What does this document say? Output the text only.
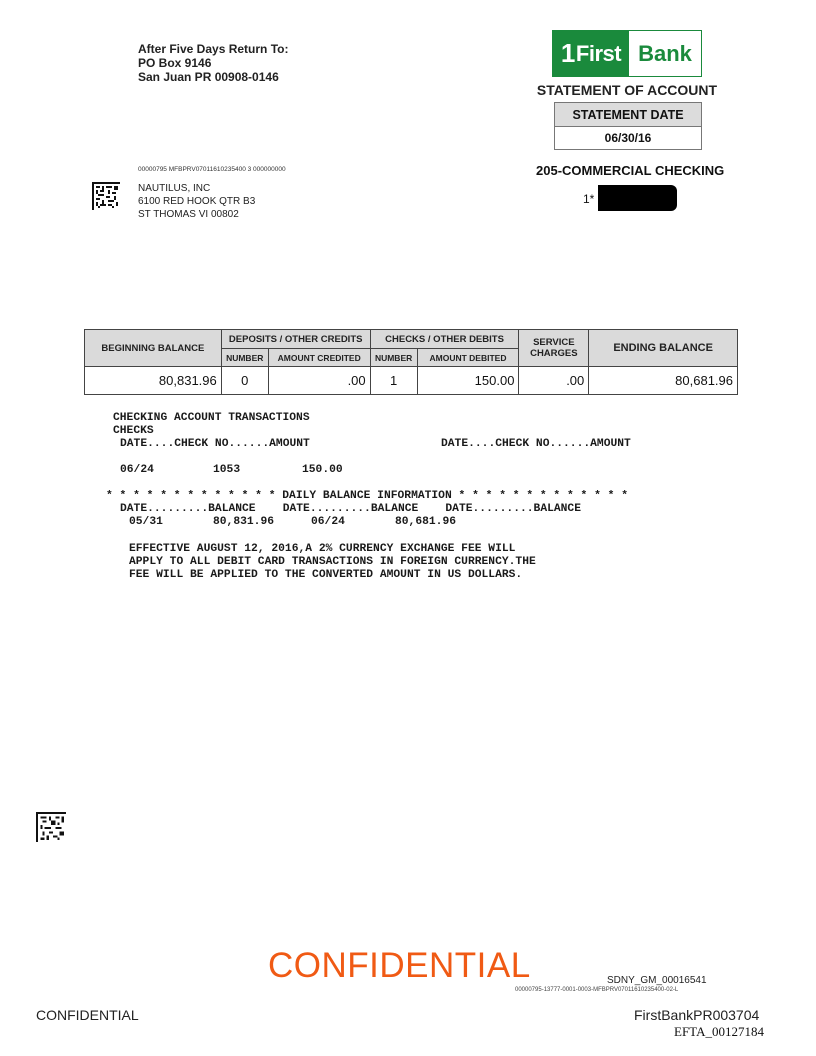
After Five Days Return To:
PO Box 9146
San Juan PR 00908-0146
1 First Bank
STATEMENT OF ACCOUNT
STATEMENT DATE
06/30/16
205-COMMERCIAL CHECKING
1*
00000795 MFBPRV07011610235400 3 000000000
NAUTILUS, INC
6100 RED HOOK QTR B3
ST THOMAS VI 00802
BEGINNING BALANCE	DEPOSITS / OTHER CREDITS		CHECKS / OTHER DEBITS		SERVICE
CHARGES	ENDING BALANCE
	NUMBER	AMOUNT CREDITED	NUMBER	AMOUNT DEBITED		
80,831.96	0	.00	1	150.00	.00	80,681.96
CHECKING ACCOUNT TRANSACTIONS
CHECKS
DATE....CHECK NO......AMOUNT	DATE....CHECK NO......AMOUNT
06/24	1053	150.00
* * * * * * * * * * * * * DAILY BALANCE INFORMATION * * * * * * * * * * * * *
DATE.........BALANCE    DATE.........BALANCE    DATE.........BALANCE
05/31	80,831.96	06/24	80,681.96
EFFECTIVE AUGUST 12, 2016,A 2% CURRENCY EXCHANGE FEE WILL
APPLY TO ALL DEBIT CARD TRANSACTIONS IN FOREIGN CURRENCY.THE
FEE WILL BE APPLIED TO THE CONVERTED AMOUNT IN US DOLLARS.
CONFIDENTIAL	SDNY_GM_00016541
00000795-13777-0001-0003-MFBPRV07011610235400-02-L
CONFIDENTIAL	FirstBankPR003704
EFTA_00127184
